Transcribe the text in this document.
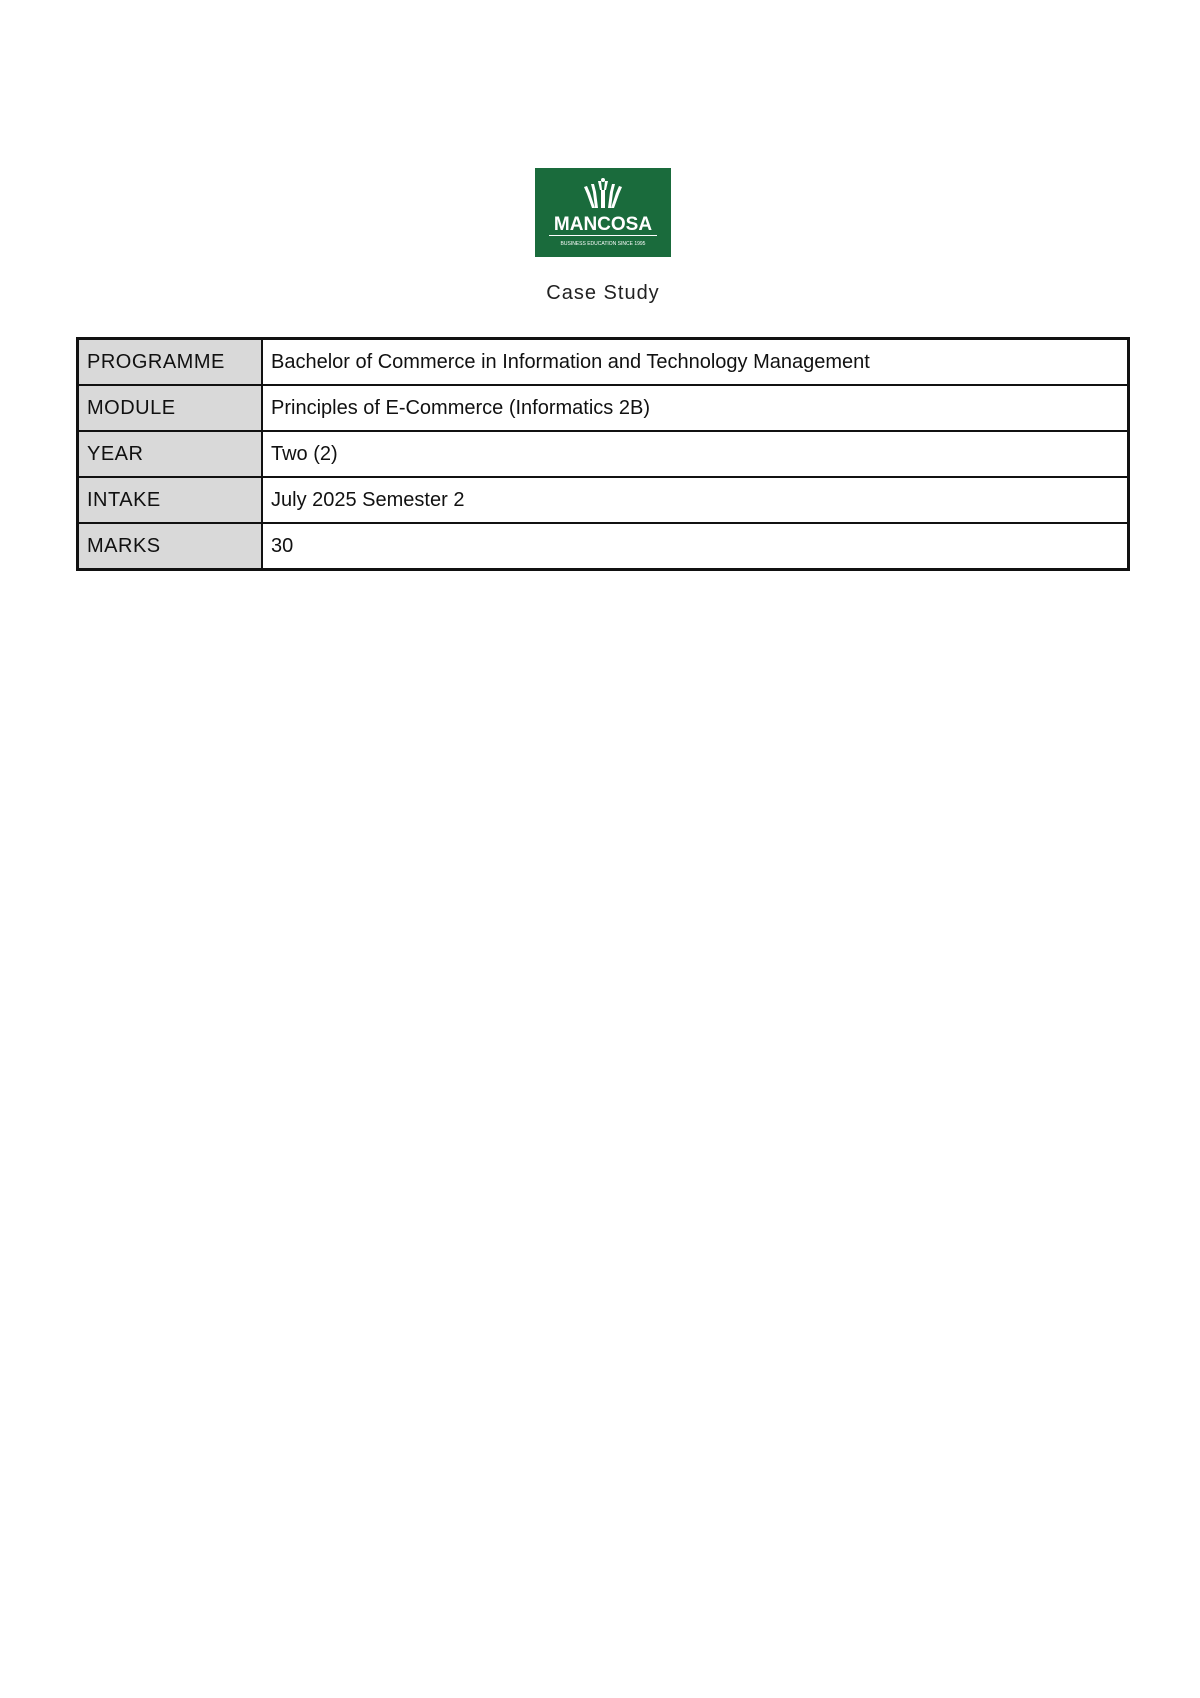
MANCOSA
BUSINESS EDUCATION SINCE 1995
Case Study
PROGRAMME	Bachelor of Commerce in Information and Technology Management
MODULE	Principles of E-Commerce (Informatics 2B)
YEAR	Two (2)
INTAKE	July 2025 Semester 2
MARKS	30
